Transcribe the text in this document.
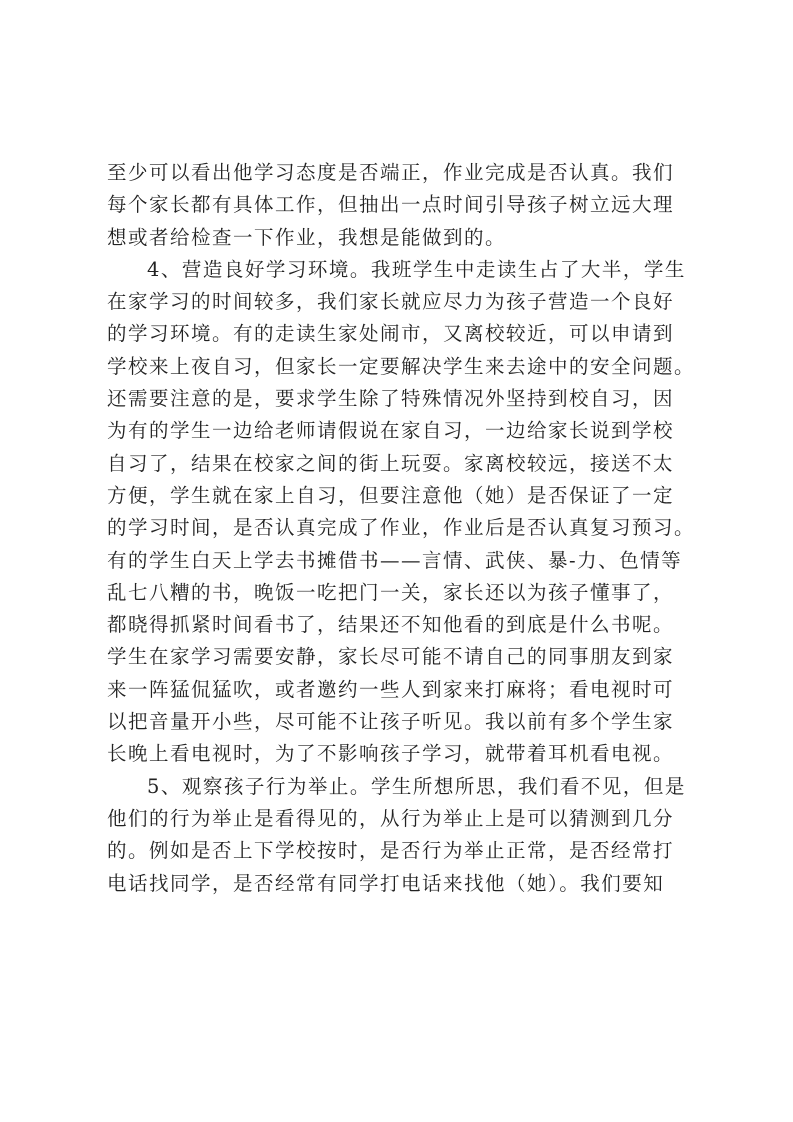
至少可以看出他学习态度是否端正，作业完成是否认真。我们
每个家长都有具体工作，但抽出一点时间引导孩子树立远大理
想或者给检查一下作业，我想是能做到的。
4、营造良好学习环境。我班学生中走读生占了大半，学生
在家学习的时间较多，我们家长就应尽力为孩子营造一个良好
的学习环境。有的走读生家处闹市，又离校较近，可以申请到
学校来上夜自习，但家长一定要解决学生来去途中的安全问题。
还需要注意的是，要求学生除了特殊情况外坚持到校自习，因
为有的学生一边给老师请假说在家自习，一边给家长说到学校
自习了，结果在校家之间的街上玩耍。家离校较远，接送不太
方便，学生就在家上自习，但要注意他（她）是否保证了一定
的学习时间，是否认真完成了作业，作业后是否认真复习预习。
有的学生白天上学去书摊借书——言情、武侠、暴-力、色情等
乱七八糟的书，晚饭一吃把门一关，家长还以为孩子懂事了，
都晓得抓紧时间看书了，结果还不知他看的到底是什么书呢。
学生在家学习需要安静，家长尽可能不请自己的同事朋友到家
来一阵猛侃猛吹，或者邀约一些人到家来打麻将；看电视时可
以把音量开小些，尽可能不让孩子听见。我以前有多个学生家
长晚上看电视时，为了不影响孩子学习，就带着耳机看电视。
5、观察孩子行为举止。学生所想所思，我们看不见，但是
他们的行为举止是看得见的，从行为举止上是可以猜测到几分
的。例如是否上下学校按时，是否行为举止正常，是否经常打
电话找同学，是否经常有同学打电话来找他（她）。我们要知
